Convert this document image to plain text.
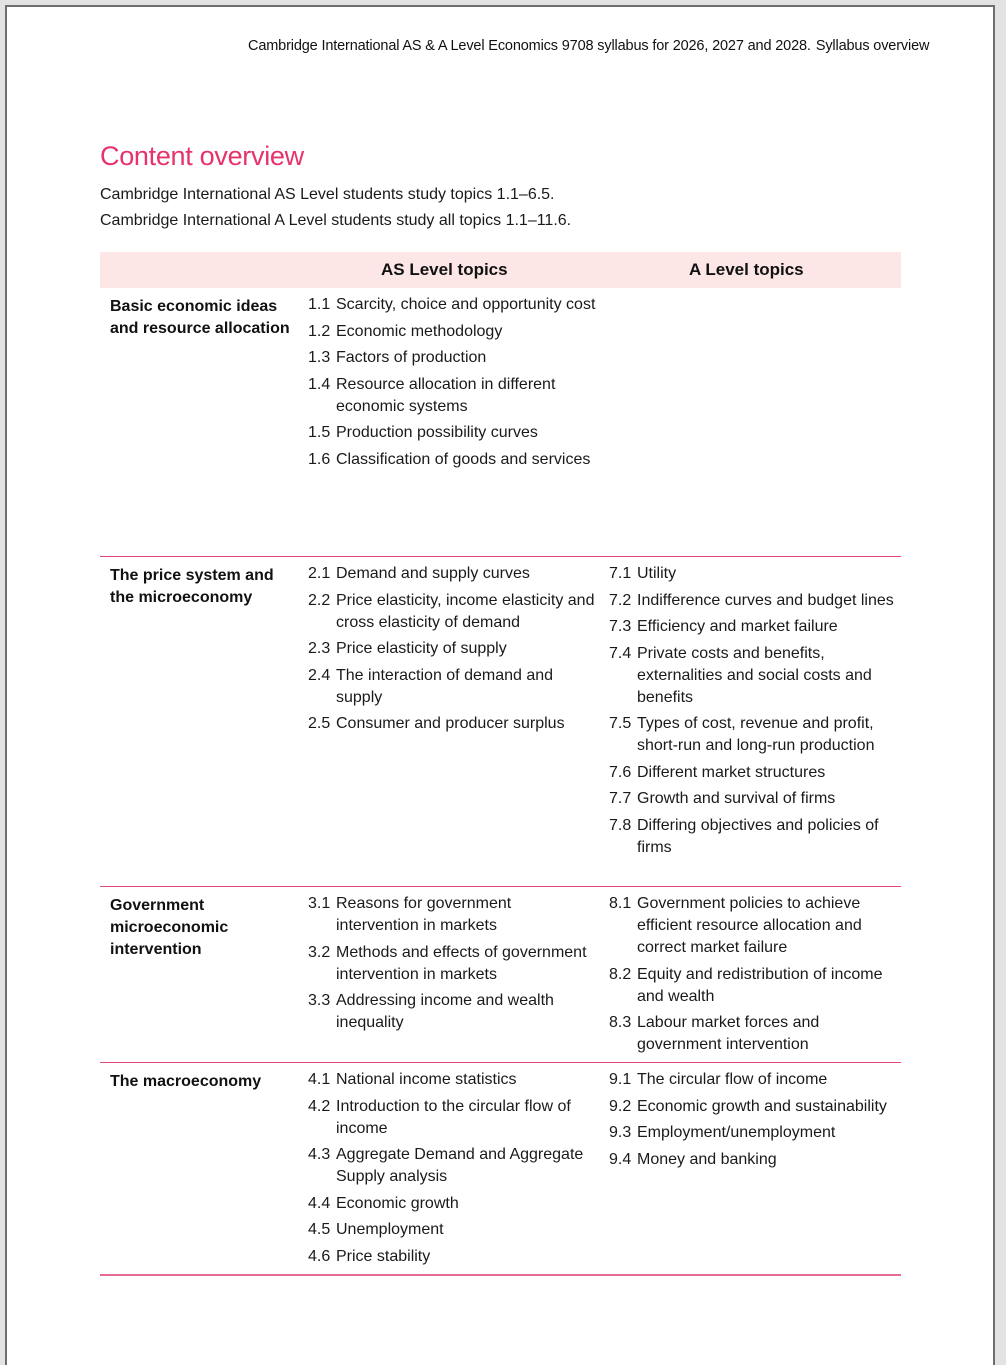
Cambridge International AS & A Level Economics 9708 syllabus for 2026, 2027 and 2028. Syllabus overview
Content overview

Cambridge International AS Level students study topics 1.1–6.5.

Cambridge International A Level students study all topics 1.1–11.6.

AS Level topics	A Level topics
Basic economic ideas and resource allocation
1.1 Scarcity, choice and opportunity cost
1.2 Economic methodology
1.3 Factors of production
1.4 Resource allocation in different economic systems
1.5 Production possibility curves
1.6 Classification of goods and services
The price system and the microeconomy
2.1 Demand and supply curves
2.2 Price elasticity, income elasticity and cross elasticity of demand
2.3 Price elasticity of supply
2.4 The interaction of demand and supply
2.5 Consumer and producer surplus
7.1 Utility
7.2 Indifference curves and budget lines
7.3 Efficiency and market failure
7.4 Private costs and benefits, externalities and social costs and benefits
7.5 Types of cost, revenue and profit, short-run and long-run production
7.6 Different market structures
7.7 Growth and survival of firms
7.8 Differing objectives and policies of firms
Government microeconomic intervention
3.1 Reasons for government intervention in markets
3.2 Methods and effects of government intervention in markets
3.3 Addressing income and wealth inequality
8.1 Government policies to achieve efficient resource allocation and correct market failure
8.2 Equity and redistribution of income and wealth
8.3 Labour market forces and government intervention
The macroeconomy	4.1 National income statistics
4.2 Introduction to the circular flow of income
4.3 Aggregate Demand and Aggregate Supply analysis
4.4 Economic growth
4.5 Unemployment
4.6 Price stability
9.1 The circular flow of income
9.2 Economic growth and sustainability
9.3 Employment/unemployment
9.4 Money and banking
